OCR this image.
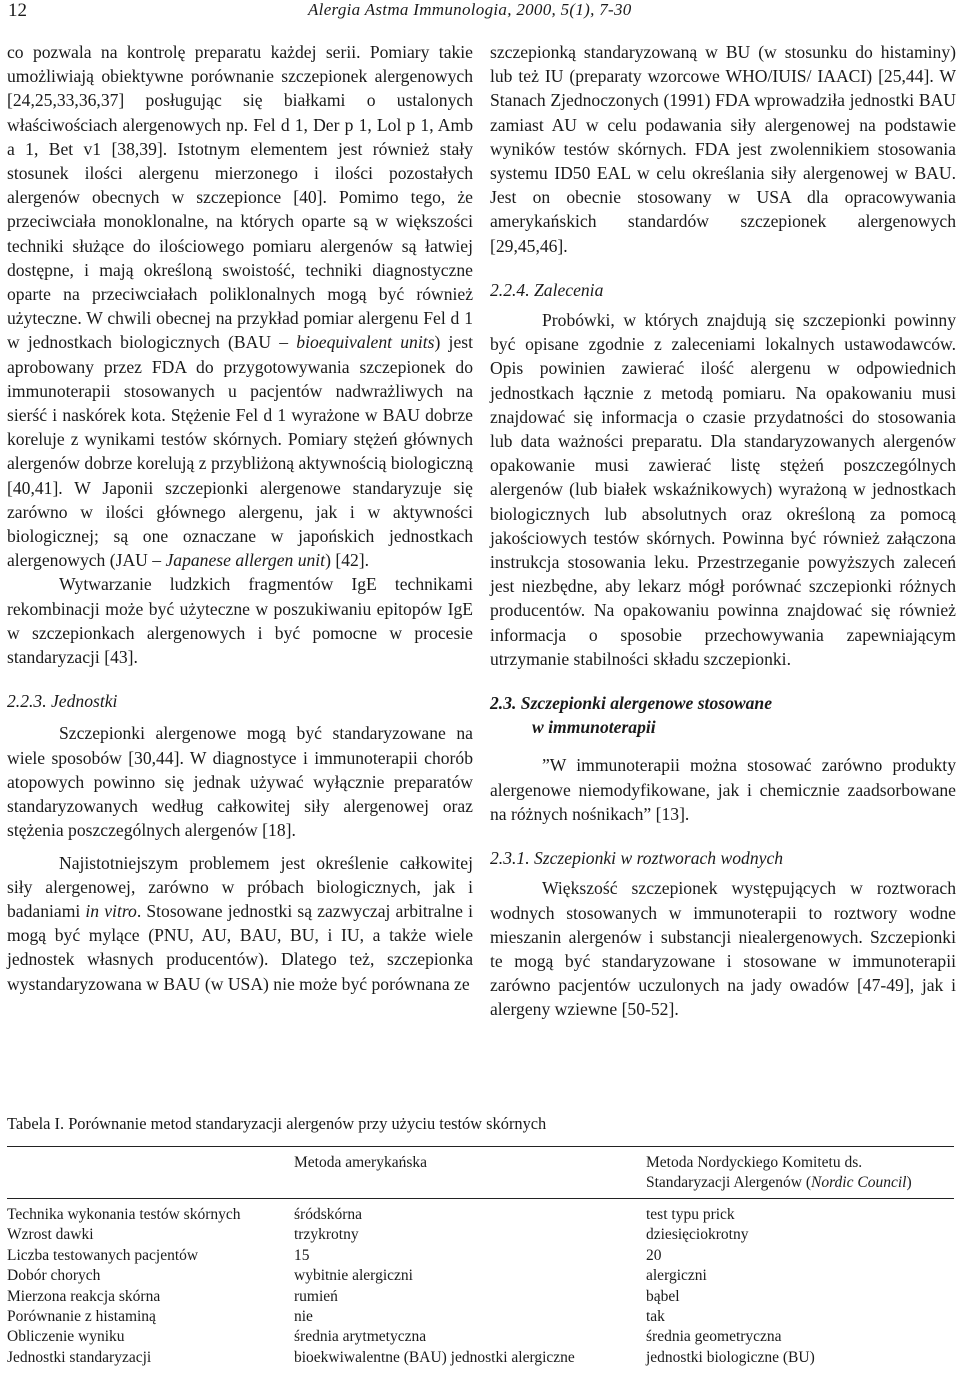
12	Alergia Astma Immunologia, 2000, 5(1), 7-30

co pozwala na kontrolę preparatu każdej serii. Pomiary takie umożliwiają obiektywne porównanie szczepionek alergenowych [24,25,33,36,37] posługując się białkami o ustalonych właściwościach alergenowych np. Fel d 1, Der p 1, Lol p 1, Amb a 1, Bet v1 [38,39]. Istotnym elementem jest również stały stosunek ilości alergenu mierzonego i ilości pozostałych alergenów obecnych w szczepionce [40]. Pomimo tego, że przeciwciała monoklonalne, na których oparte są w większości techniki służące do ilościowego pomiaru alergenów są łatwiej dostępne, i mają określoną swoistość, techniki diagnostyczne oparte na przeciwciałach poliklonalnych mogą być również użyteczne. W chwili obecnej na przykład pomiar alergenu Fel d 1 w jednostkach biologicznych (BAU – bioequivalent units) jest aprobowany przez FDA do przygotowywania szczepionek do immunoterapii stosowanych u pacjentów nadwrażliwych na sierść i naskórek kota. Stężenie Fel d 1 wyrażone w BAU dobrze koreluje z wynikami testów skórnych. Pomiary stężeń głównych alergenów dobrze korelują z przybliżoną aktywnością biologiczną [40,41]. W Japonii szczepionki alergenowe standaryzuje się zarówno w ilości głównego alergenu, jak i w aktywności biologicznej; są one oznaczane w japońskich jednostkach alergenowych (JAU – Japanese allergen unit) [42].

Wytwarzanie ludzkich fragmentów IgE technikami rekombinacji może być użyteczne w poszukiwaniu epitopów IgE w szczepionkach alergenowych i być pomocne w procesie standaryzacji [43].

2.2.3. Jednostki

Szczepionki alergenowe mogą być standaryzowane na wiele sposobów [30,44]. W diagnostyce i immunoterapii chorób atopowych powinno się jednak używać wyłącznie preparatów standaryzowanych według całkowitej siły alergenowej oraz stężenia poszczególnych alergenów [18].

Najistotniejszym problemem jest określenie całkowitej siły alergenowej, zarówno w próbach biologicznych, jak i badaniami in vitro. Stosowane jednostki są zazwyczaj arbitralne i mogą być mylące (PNU, AU, BAU, BU, i IU, a także wiele jednostek własnych producentów). Dlatego też, szczepionka wystandaryzowana w BAU (w USA) nie może być porównana ze

szczepionką standaryzowaną w BU (w stosunku do histaminy) lub też IU (preparaty wzorcowe WHO/IUIS/ IAACI) [25,44]. W Stanach Zjednoczonych (1991) FDA wprowadziła jednostki BAU zamiast AU w celu podawania siły alergenowej na podstawie wyników testów skórnych. FDA jest zwolennikiem stosowania systemu ID50 EAL w celu określania siły alergenowej w BAU. Jest on obecnie stosowany w USA dla opracowywania amerykańskich standardów szczepionek alergenowych [29,45,46].

2.2.4. Zalecenia

Probówki, w których znajdują się szczepionki powinny być opisane zgodnie z zaleceniami lokalnych ustawodawców. Opis powinien zawierać ilość alergenu w odpowiednich jednostkach łącznie z metodą pomiaru. Na opakowaniu musi znajdować się informacja o czasie przydatności do stosowania lub data ważności preparatu. Dla standaryzowanych alergenów opakowanie musi zawierać listę stężeń poszczególnych alergenów (lub białek wskaźnikowych) wyrażoną w jednostkach biologicznych lub absolutnych oraz określoną za pomocą jakościowych testów skórnych. Powinna być również załączona instrukcja stosowania leku. Przestrzeganie powyższych zaleceń jest niezbędne, aby lekarz mógł porównać szczepionki różnych producentów. Na opakowaniu powinna znajdować się również informacja o sposobie przechowywania zapewniającym utrzymanie stabilności składu szczepionki.

2.3. Szczepionki alergenowe stosowane
w immunoterapii

”W immunoterapii można stosować zarówno produkty alergenowe niemodyfikowane, jak i chemicznie zaadsorbowane na różnych nośnikach” [13].

2.3.1. Szczepionki w roztworach wodnych

Większość szczepionek występujących w roztworach wodnych stosowanych w immunoterapii to roztwory wodne mieszanin alergenów i substancji niealergenowych. Szczepionki te mogą być standaryzowane i stosowane w immunoterapii zarówno pacjentów uczulonych na jady owadów [47-49], jak i alergeny wziewne [50-52].

Tabela I. Porównanie metod standaryzacji alergenów przy użyciu testów skórnych
	Metoda amerykańska	Metoda Nordyckiego Komitetu ds.
Standaryzacji Alergenów (Nordic Council)
Technika wykonania testów skórnych	śródskórna	test typu prick
Wzrost dawki	trzykrotny	dziesięciokrotny
Liczba testowanych pacjentów	15	20
Dobór chorych	wybitnie alergiczni	alergiczni
Mierzona reakcja skórna	rumień	bąbel
Porównanie z histaminą	nie	tak
Obliczenie wyniku	średnia arytmetyczna	średnia geometryczna
Jednostki standaryzacji	bioekwiwalentne (BAU) jednostki alergiczne	jednostki biologiczne (BU)
